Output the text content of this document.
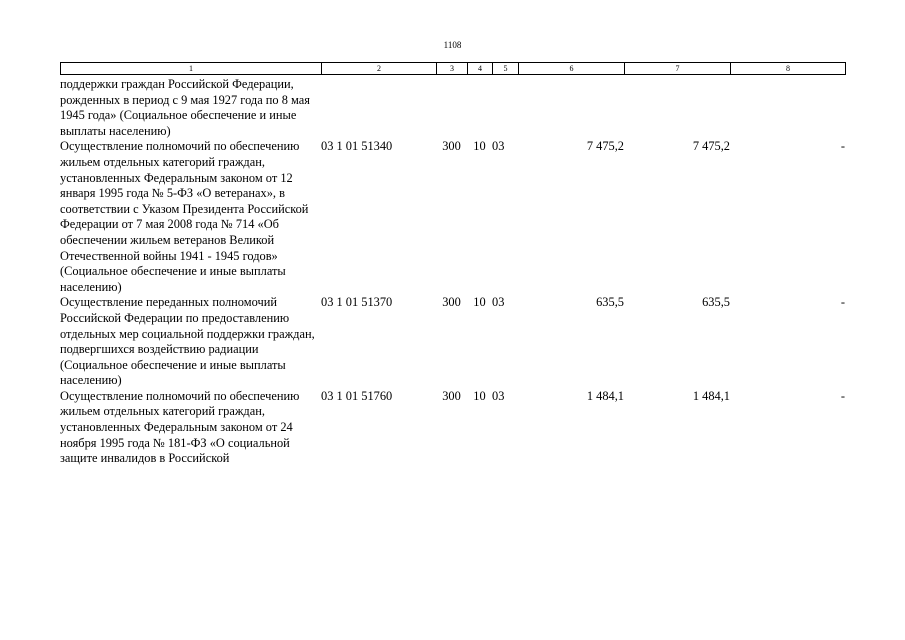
1108
1	2	3	4	5	6	7	8
поддержки граждан Российской Федерации, рожденных в период с 9 мая 1927 года по 8 мая 1945 года» (Социальное обеспечение и иные выплаты населению)							
Осуществление полномочий по обеспечению жильем отдельных категорий граждан, установленных Федеральным законом от 12 января 1995 года № 5-ФЗ «О ветеранах», в соответствии с Указом Президента Российской Федерации от 7 мая 2008 года № 714 «Об обеспечении жильем ветеранов Великой Отечественной войны 1941 - 1945 годов» (Социальное обеспечение и иные выплаты населению)	03 1 01 51340	300	10	03	7 475,2	7 475,2	-
Осуществление переданных полномочий Российской Федерации по предоставлению отдельных мер социальной поддержки граждан, подвергшихся воздействию радиации (Социальное обеспечение и иные выплаты населению)	03 1 01 51370	300	10	03	635,5	635,5	-
Осуществление полномочий по обеспечению жильем отдельных категорий граждан, установленных Федеральным законом от 24 ноября 1995 года № 181-ФЗ «О социальной защите инвалидов в Российской	03 1 01 51760	300	10	03	1 484,1	1 484,1	-
